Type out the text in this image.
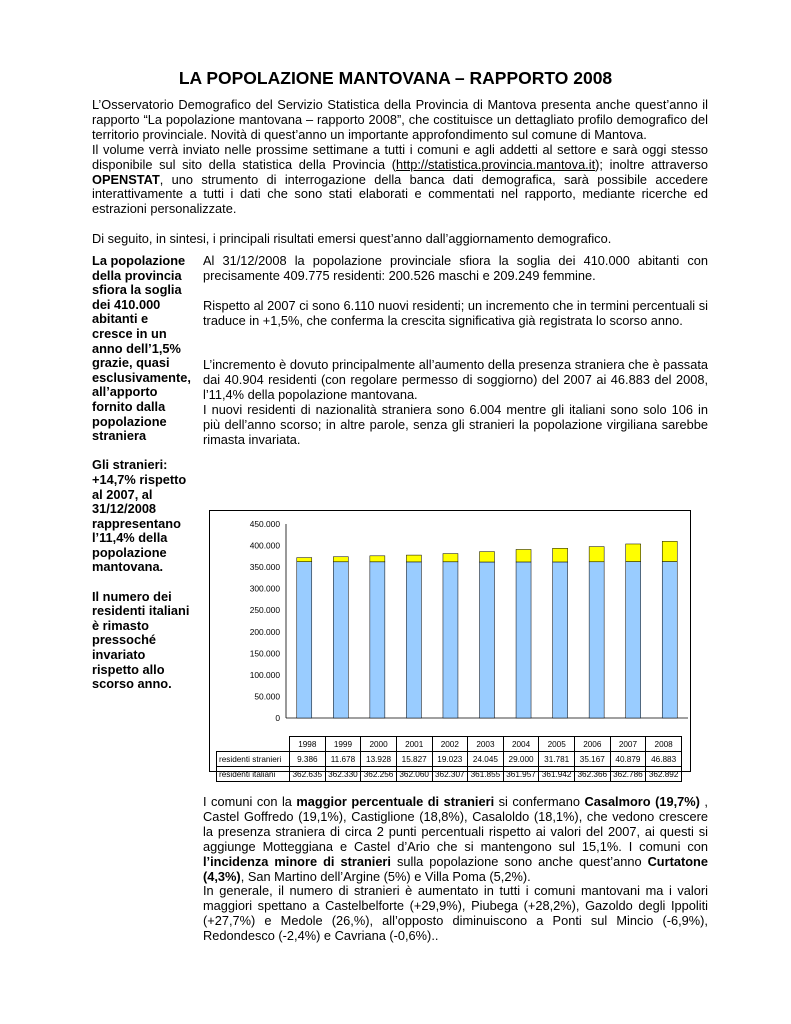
LA POPOLAZIONE MANTOVANA – RAPPORTO 2008

L’Osservatorio Demografico del Servizio Statistica della Provincia di Mantova presenta anche quest’anno il rapporto “La popolazione mantovana – rapporto 2008”, che costituisce un dettagliato profilo demografico del territorio provinciale. Novità di quest’anno un importante approfondimento sul comune di Mantova.

Il volume verrà inviato nelle prossime settimane a tutti i comuni e agli addetti al settore e sarà oggi stesso disponibile sul sito della statistica della Provincia (http://statistica.provincia.mantova.it); inoltre attraverso OPENSTAT, uno strumento di interrogazione della banca dati demografica, sarà possibile accedere interattivamente a tutti i dati che sono stati elaborati e commentati nel rapporto, mediante ricerche ed estrazioni personalizzate.

Di seguito, in sintesi, i principali risultati emersi quest’anno dall’aggiornamento demografico.

La popolazione della provincia sfiora la soglia dei 410.000 abitanti e cresce in un anno dell’1,5% grazie, quasi esclusivamente, all’apporto fornito dalla popolazione straniera

Gli stranieri: +14,7% rispetto al 2007, al 31/12/2008 rappresentano l’11,4% della popolazione mantovana.

Il numero dei residenti italiani è rimasto pressoché invariato rispetto allo scorso anno.

Al 31/12/2008 la popolazione provinciale sfiora la soglia dei 410.000 abitanti con precisamente 409.775 residenti: 200.526 maschi e 209.249 femmine.

Rispetto al 2007 ci sono 6.110 nuovi residenti; un incremento che in termini percentuali si traduce in +1,5%, che conferma la crescita significativa già registrata lo scorso anno.

L’incremento è dovuto principalmente all’aumento della presenza straniera che è passata dai 40.904 residenti (con regolare permesso di soggiorno) del 2007 ai 46.883 del 2008, l’11,4% della popolazione mantovana.

I nuovi residenti di nazionalità straniera sono 6.004 mentre gli italiani sono solo 106 in più dell’anno scorso; in altre parole, senza gli stranieri la popolazione virgiliana sarebbe rimasta invariata.

0
50.000
100.000
150.000
200.000
250.000
300.000
350.000
400.000
450.000
	1998	1999	2000	2001	2002	2003	2004	2005	2006	2007	2008
residenti stranieri	9.386	11.678	13.928	15.827	19.023	24.045	29.000	31.781	35.167	40.879	46.883
residenti italiani	362.635	362.330	362.256	362.060	362.307	361.855	361.957	361.942	362.366	362.786	362.892

I comuni con la maggior percentuale di stranieri si confermano Casalmoro (19,7%) , Castel Goffredo (19,1%), Castiglione (18,8%), Casaloldo (18,1%), che vedono crescere la presenza straniera di circa 2 punti percentuali rispetto ai valori del 2007, ai questi si aggiunge Motteggiana e Castel d’Ario che si mantengono sul 15,1%. I comuni con l’incidenza minore di stranieri sulla popolazione sono anche quest’anno Curtatone (4,3%), San Martino dell’Argine (5%) e Villa Poma (5,2%).

In generale, il numero di stranieri è aumentato in tutti i comuni mantovani ma i valori maggiori spettano a Castelbelforte (+29,9%), Piubega (+28,2%), Gazoldo degli Ippoliti (+27,7%) e Medole (26,%), all’opposto diminuiscono a Ponti sul Mincio (-6,9%), Redondesco (-2,4%) e Cavriana (-0,6%)..
